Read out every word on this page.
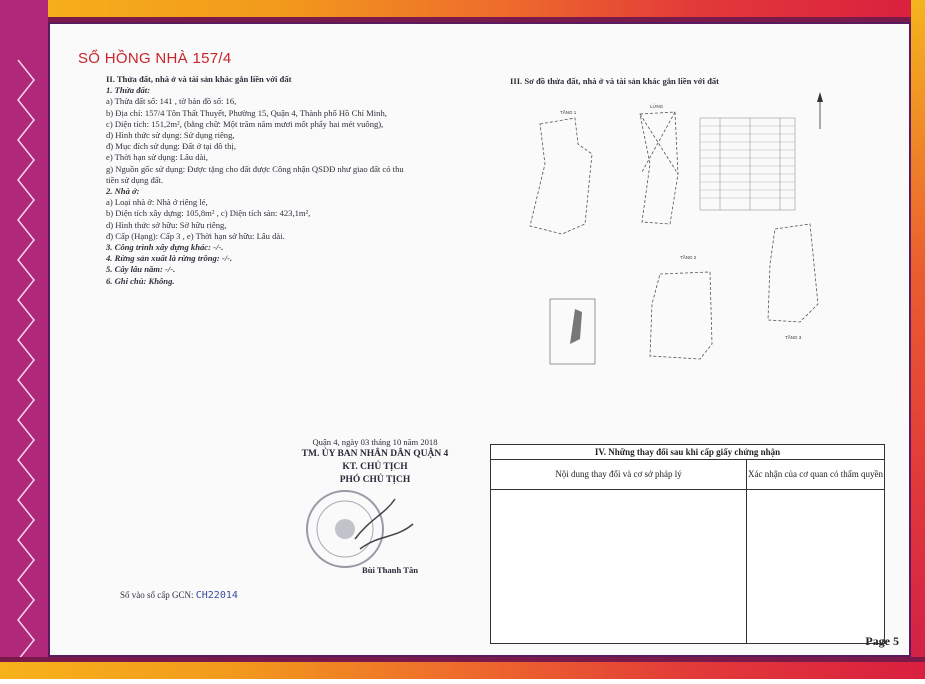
SỔ HỒNG NHÀ 157/4
II. Thửa đất, nhà ở và tài sản khác gắn liền với đất
1. Thửa đất:
a) Thửa đất số: 141 , tờ bản đồ số: 16,
b) Địa chỉ: 157/4 Tôn Thất Thuyết, Phường 15, Quận 4, Thành phố Hồ Chí Minh,
c) Diện tích: 151,2m², (bằng chữ: Một trăm năm mươi mốt phẩy hai mét vuông),
d) Hình thức sử dụng: Sử dụng riêng,
đ) Mục đích sử dụng: Đất ở tại đô thị,
e) Thời hạn sử dụng: Lâu dài,
g) Nguồn gốc sử dụng: Được tặng cho đất được Công nhận QSDĐ như giao đất có thu
tiền sử dụng đất.
2. Nhà ở:
a) Loại nhà ở: Nhà ở riêng lẻ,
b) Diện tích xây dựng: 105,8m² , c) Diện tích sàn: 423,1m²,
d) Hình thức sở hữu: Sở hữu riêng,
đ) Cấp (Hạng): Cấp 3 , e) Thời hạn sở hữu: Lâu dài.
3. Công trình xây dựng khác: -/-.
4. Rừng sản xuất là rừng trồng: -/-.
5. Cây lâu năm: -/-.
6. Ghi chú: Không.
Quận 4, ngày 03 tháng 10 năm 2018
TM. ỦY BAN NHÂN DÂN QUẬN 4
KT. CHỦ TỊCH
PHÓ CHỦ TỊCH
Bùi Thanh Tân
Số vào sổ cấp GCN: CH22014
III. Sơ đồ thửa đất, nhà ở và tài sản khác gắn liền với đất
TẦNG 1
LỬNG
TẦNG 2
TẦNG 3
IV. Những thay đổi sau khi cấp giấy chứng nhận
Nội dung thay đổi và cơ sở pháp lý	Xác nhận của cơ quan có thẩm quyền
Page 5
